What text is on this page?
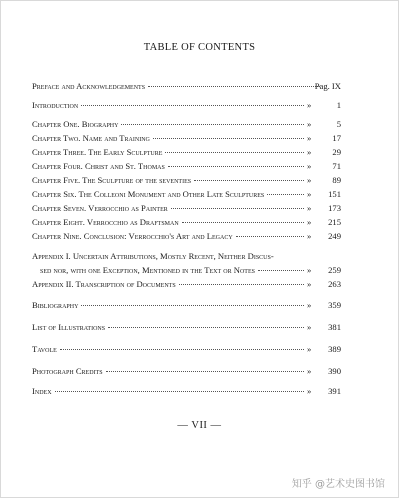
TABLE OF CONTENTS
Preface and Acknowledgements	Pag. IX
Introduction	»	1
Chapter One. Biography	»	5
Chapter Two. Name and Training	»	17
Chapter Three. The Early Sculpture	»	29
Chapter Four. Christ and St. Thomas	»	71
Chapter Five. The Sculpture of the seventies	»	89
Chapter Six. The Colleoni Monument and Other Late Sculptures	»	151
Chapter Seven. Verrocchio as Painter	»	173
Chapter Eight. Verrocchio as Draftsman	»	215
Chapter Nine. Conclusion: Verrocchio's Art and Legacy	»	249
Appendix I. Uncertain Attributions, Mostly Recent, Neither Discus-
sed nor, with one Exception, Mentioned in the Text or Notes	»	259
Appendix II. Transcription of Documents	»	263
Bibliography	»	359
List of Illustrations	»	381
Tavole	»	389
Photograph Credits	»	390
Index	»	391
— VII —
知乎 @艺术史图书馆
